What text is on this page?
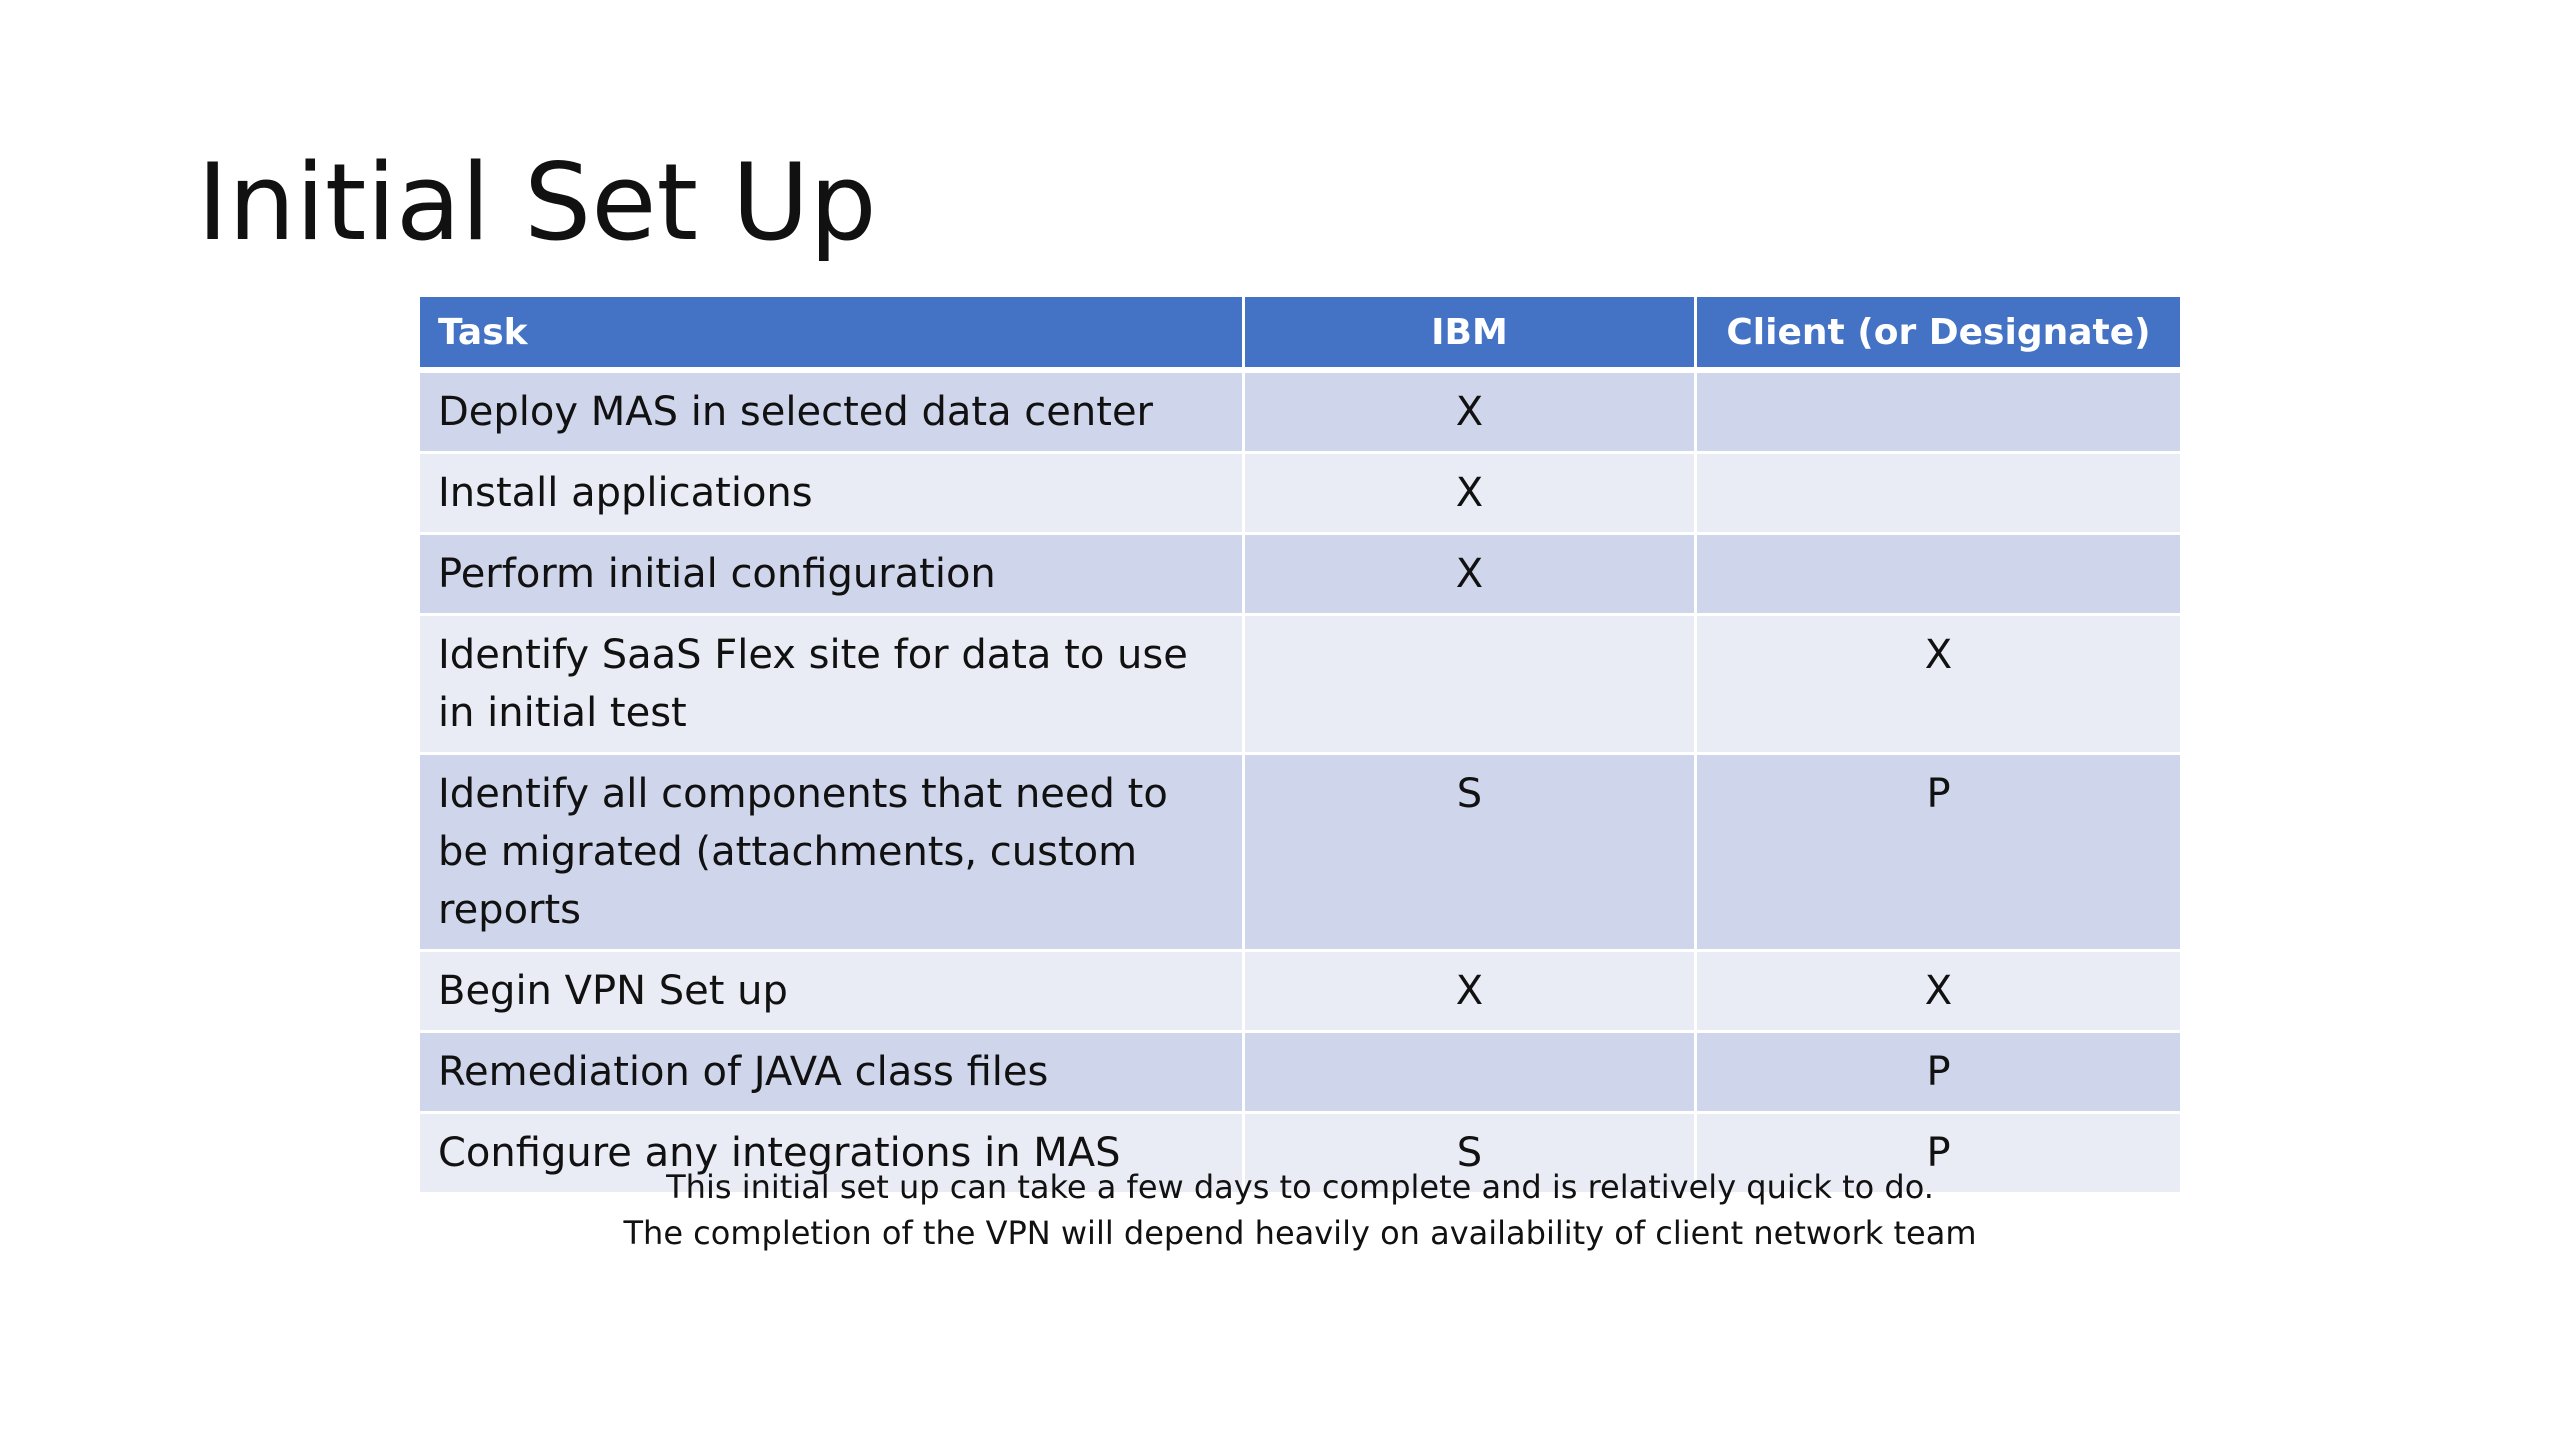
Initial Set Up
Task	IBM	Client (or Designate)
Deploy MAS in selected data center	X	
Install applications	X	
Perform initial configuration	X	
Identify SaaS Flex site for data to use in initial test		X
Identify all components that need to be migrated (attachments, custom reports	S	P
Begin VPN Set up	X	X
Remediation of JAVA class files		P
Configure any integrations in MAS	S	P
This initial set up can take a few days to complete and is relatively quick to do.
The completion of the VPN will depend heavily on availability of client network team
